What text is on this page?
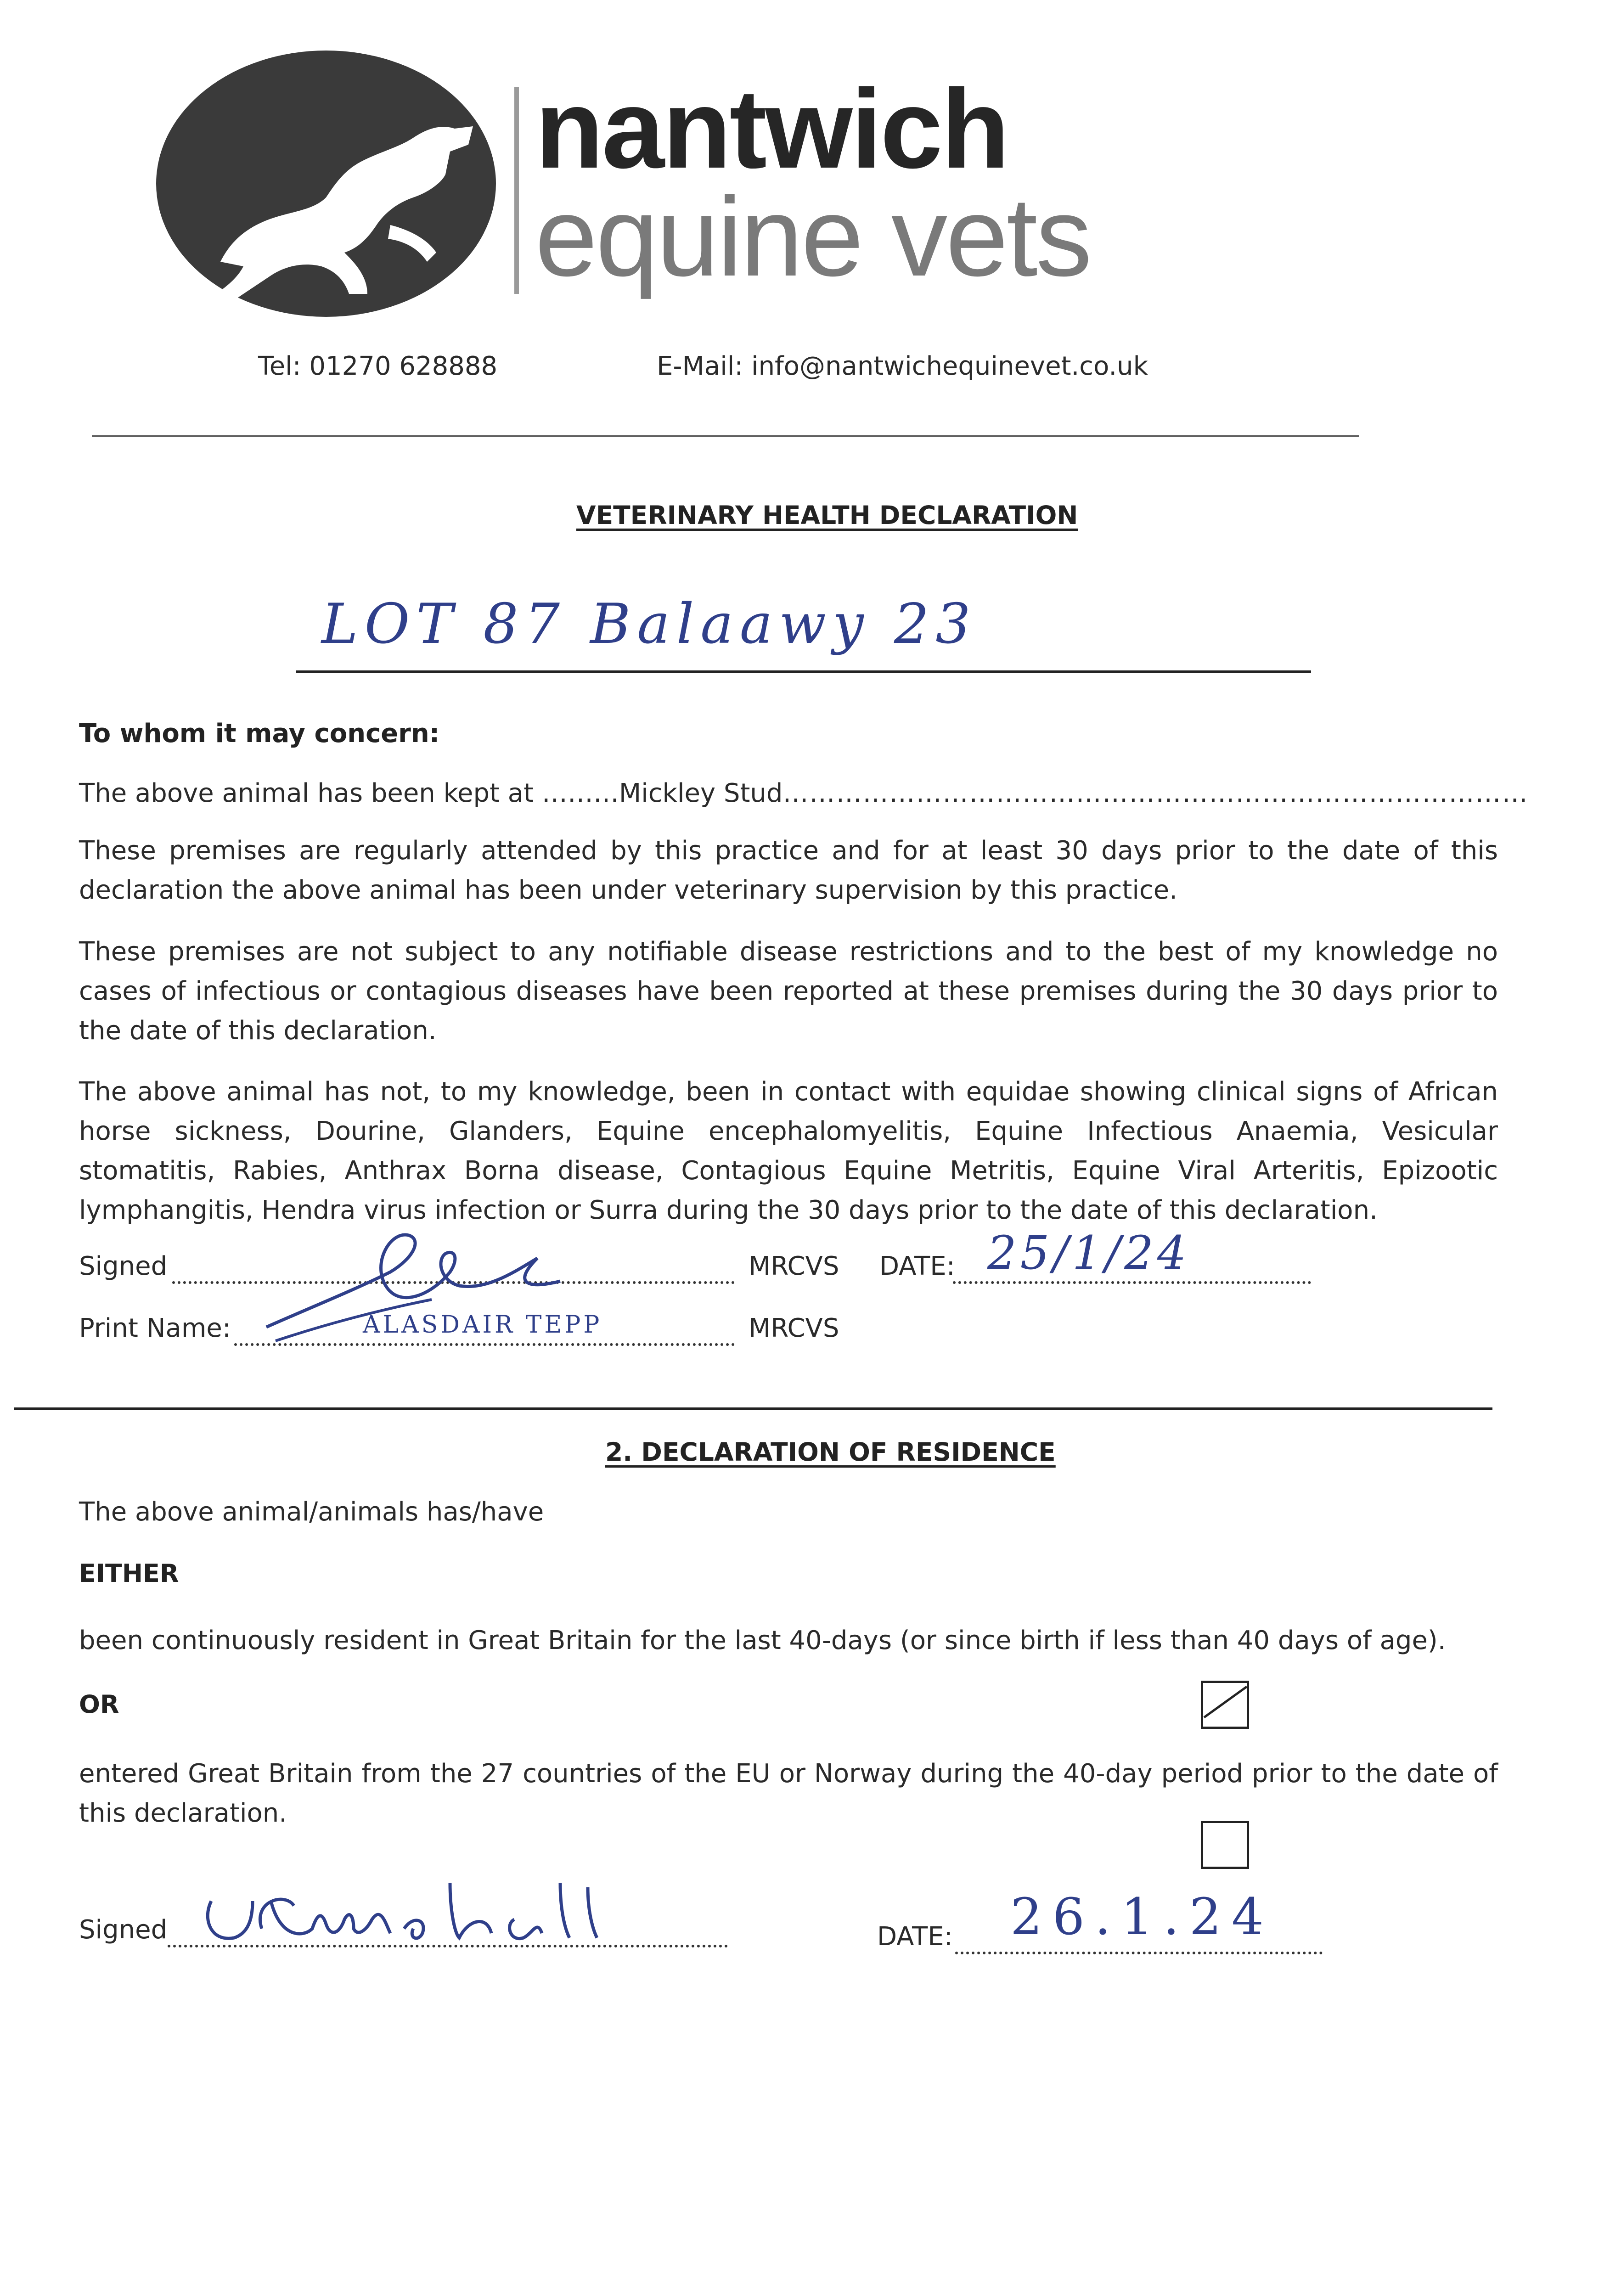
nantwich
equine vets
Tel: 01270 628888	E-Mail: info@nantwichequinevet.co.uk
VETERINARY HEALTH DECLARATION
LOT 87 Balaawy 23
To whom it may concern:
The above animal has been kept at ………Mickley Stud…………………………………………………………………………
These premises are regularly attended by this practice and for at least 30 days prior to the date of this declaration the above animal has been under veterinary supervision by this practice.
These premises are not subject to any notifiable disease restrictions and to the best of my knowledge no cases of infectious or contagious diseases have been reported at these premises during the 30 days prior to the date of this declaration.
The above animal has not, to my knowledge, been in contact with equidae showing clinical signs of African horse sickness, Dourine, Glanders, Equine encephalomyelitis, Equine Infectious Anaemia, Vesicular stomatitis, Rabies, Anthrax Borna disease, Contagious Equine Metritis, Equine Viral Arteritis, Epizootic lymphangitis, Hendra virus infection or Surra during the 30 days prior to the date of this declaration.
Signed	MRCVS DATE: 25/1/24
Print Name:	ALASDAIR TEPP	MRCVS
2. DECLARATION OF RESIDENCE
The above animal/animals has/have
EITHER
been continuously resident in Great Britain for the last 40-days (or since birth if less than 40 days of age).
OR
entered Great Britain from the 27 countries of the EU or Norway during the 40-day period prior to the date of this declaration.
Signed	DATE: 26.1.24
